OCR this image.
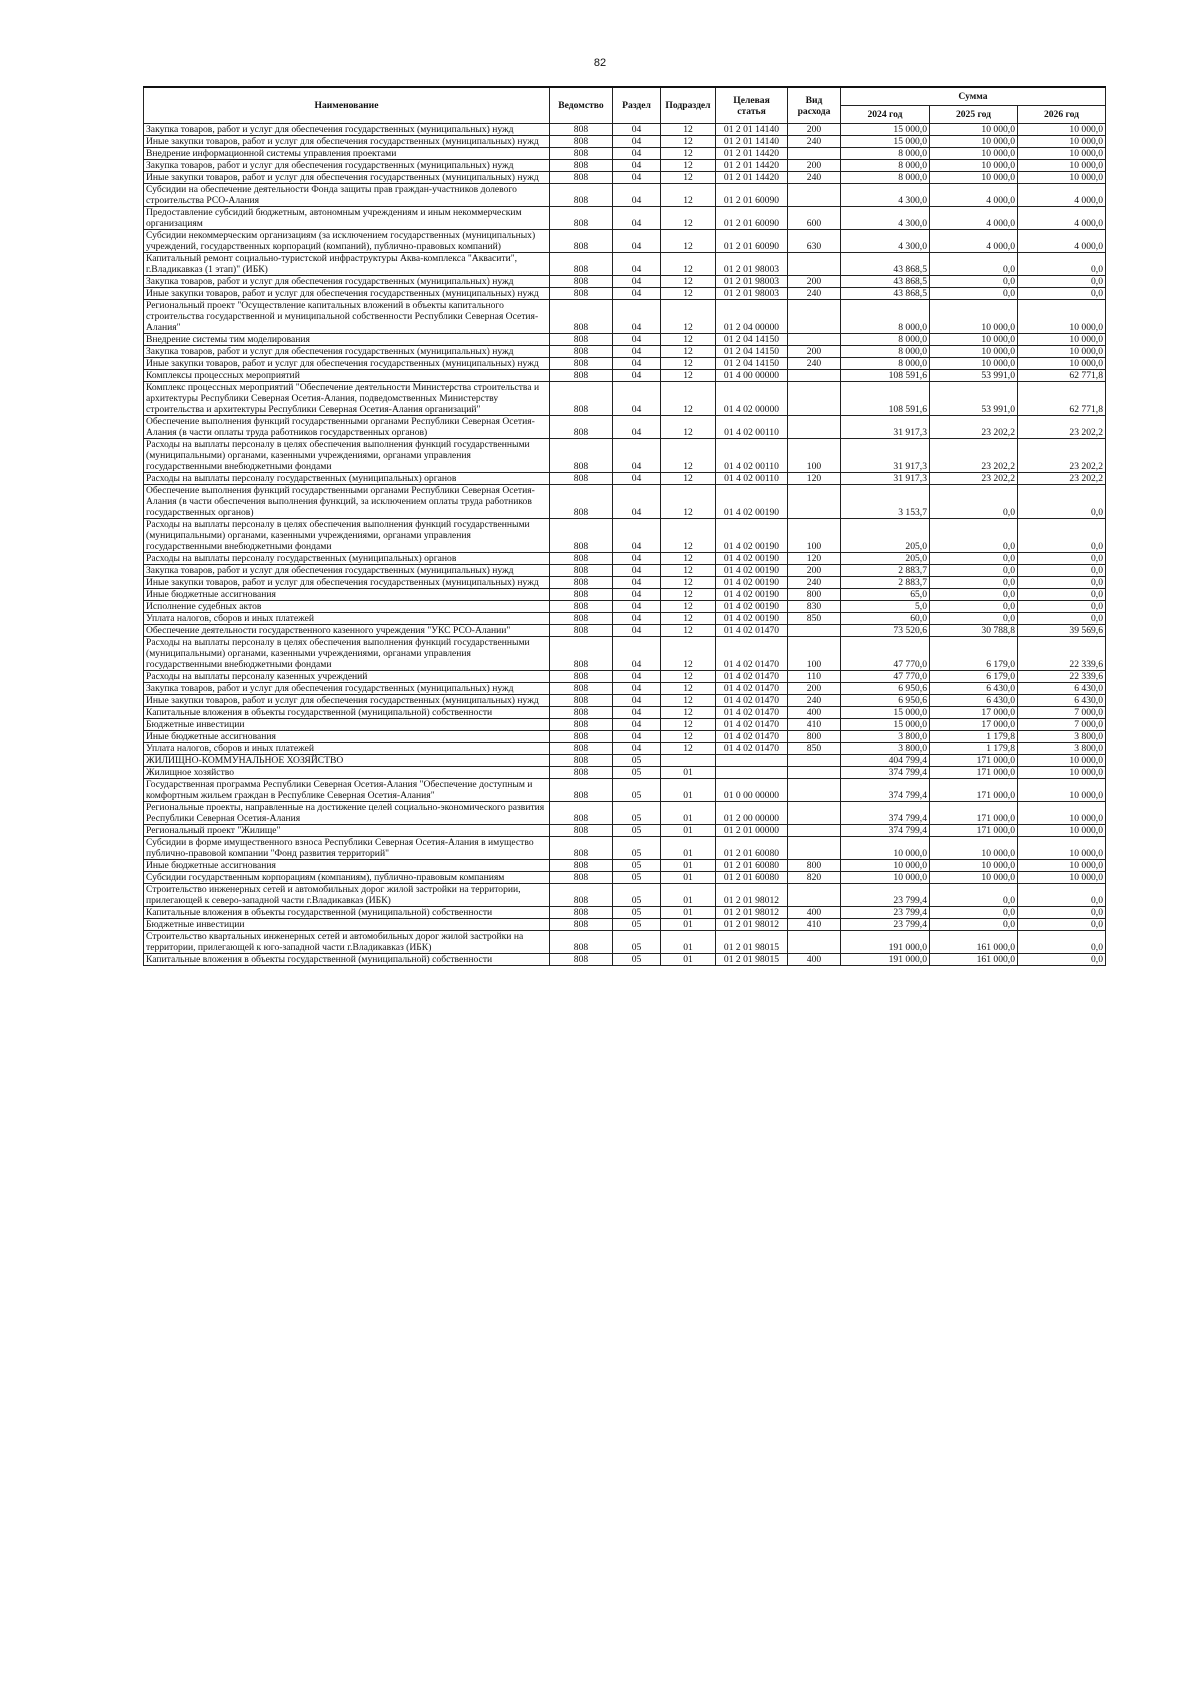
82
Наименование	Ведомство	Раздел	Подраздел	Целевая статья	Вид расхода	Сумма		
						2024 год	2025 год	2026 год
Закупка товаров, работ и услуг для обеспечения государственных (муниципальных) нужд	808	04	12	01 2 01 14140	200	15 000,0	10 000,0	10 000,0
Иные закупки товаров, работ и услуг для обеспечения государственных (муниципальных) нужд	808	04	12	01 2 01 14140	240	15 000,0	10 000,0	10 000,0
Внедрение информационной системы управления проектами	808	04	12	01 2 01 14420		8 000,0	10 000,0	10 000,0
Закупка товаров, работ и услуг для обеспечения государственных (муниципальных) нужд	808	04	12	01 2 01 14420	200	8 000,0	10 000,0	10 000,0
Иные закупки товаров, работ и услуг для обеспечения государственных (муниципальных) нужд	808	04	12	01 2 01 14420	240	8 000,0	10 000,0	10 000,0
Субсидии на обеспечение деятельности Фонда защиты прав граждан-участников долевого строительства РСО-Алания	808	04	12	01 2 01 60090		4 300,0	4 000,0	4 000,0
Предоставление субсидий бюджетным, автономным учреждениям и иным некоммерческим организациям	808	04	12	01 2 01 60090	600	4 300,0	4 000,0	4 000,0
Субсидии некоммерческим организациям (за исключением государственных (муниципальных) учреждений, государственных корпораций (компаний), публично-правовых компаний)	808	04	12	01 2 01 60090	630	4 300,0	4 000,0	4 000,0
Капитальный ремонт социально-туристской инфраструктуры Аква-комплекса "Аквасити", г.Владикавказ (1 этап)" (ИБК)	808	04	12	01 2 01 98003		43 868,5	0,0	0,0
Закупка товаров, работ и услуг для обеспечения государственных (муниципальных) нужд	808	04	12	01 2 01 98003	200	43 868,5	0,0	0,0
Иные закупки товаров, работ и услуг для обеспечения государственных (муниципальных) нужд	808	04	12	01 2 01 98003	240	43 868,5	0,0	0,0
Региональный проект "Осуществление капитальных вложений в объекты капитального строительства государственной и муниципальной собственности Республики Северная Осетия-Алания"	808	04	12	01 2 04 00000		8 000,0	10 000,0	10 000,0
Внедрение системы тим моделирования	808	04	12	01 2 04 14150		8 000,0	10 000,0	10 000,0
Закупка товаров, работ и услуг для обеспечения государственных (муниципальных) нужд	808	04	12	01 2 04 14150	200	8 000,0	10 000,0	10 000,0
Иные закупки товаров, работ и услуг для обеспечения государственных (муниципальных) нужд	808	04	12	01 2 04 14150	240	8 000,0	10 000,0	10 000,0
Комплексы процессных мероприятий	808	04	12	01 4 00 00000		108 591,6	53 991,0	62 771,8
Комплекс процессных мероприятий "Обеспечение деятельности Министерства строительства и архитектуры Республики Северная Осетия-Алания, подведомственных Министерству строительства и архитектуры Республики Северная Осетия-Алания организаций"	808	04	12	01 4 02 00000		108 591,6	53 991,0	62 771,8
Обеспечение выполнения функций государственными органами Республики Северная Осетия-Алания (в части оплаты труда работников государственных органов)	808	04	12	01 4 02 00110		31 917,3	23 202,2	23 202,2
Расходы на выплаты персоналу в целях обеспечения выполнения функций государственными (муниципальными) органами, казенными учреждениями, органами управления государственными внебюджетными фондами	808	04	12	01 4 02 00110	100	31 917,3	23 202,2	23 202,2
Расходы на выплаты персоналу государственных (муниципальных) органов	808	04	12	01 4 02 00110	120	31 917,3	23 202,2	23 202,2
Обеспечение выполнения функций государственными органами Республики Северная Осетия-Алания (в части обеспечения выполнения функций, за исключением оплаты труда работников государственных органов)	808	04	12	01 4 02 00190		3 153,7	0,0	0,0
Расходы на выплаты персоналу в целях обеспечения выполнения функций государственными (муниципальными) органами, казенными учреждениями, органами управления государственными внебюджетными фондами	808	04	12	01 4 02 00190	100	205,0	0,0	0,0
Расходы на выплаты персоналу государственных (муниципальных) органов	808	04	12	01 4 02 00190	120	205,0	0,0	0,0
Закупка товаров, работ и услуг для обеспечения государственных (муниципальных) нужд	808	04	12	01 4 02 00190	200	2 883,7	0,0	0,0
Иные закупки товаров, работ и услуг для обеспечения государственных (муниципальных) нужд	808	04	12	01 4 02 00190	240	2 883,7	0,0	0,0
Иные бюджетные ассигнования	808	04	12	01 4 02 00190	800	65,0	0,0	0,0
Исполнение судебных актов	808	04	12	01 4 02 00190	830	5,0	0,0	0,0
Уплата налогов, сборов и иных платежей	808	04	12	01 4 02 00190	850	60,0	0,0	0,0
Обеспечение деятельности государственного казенного учреждения "УКС РСО-Алании"	808	04	12	01 4 02 01470		73 520,6	30 788,8	39 569,6
Расходы на выплаты персоналу в целях обеспечения выполнения функций государственными (муниципальными) органами, казенными учреждениями, органами управления государственными внебюджетными фондами	808	04	12	01 4 02 01470	100	47 770,0	6 179,0	22 339,6
Расходы на выплаты персоналу казенных учреждений	808	04	12	01 4 02 01470	110	47 770,0	6 179,0	22 339,6
Закупка товаров, работ и услуг для обеспечения государственных (муниципальных) нужд	808	04	12	01 4 02 01470	200	6 950,6	6 430,0	6 430,0
Иные закупки товаров, работ и услуг для обеспечения государственных (муниципальных) нужд	808	04	12	01 4 02 01470	240	6 950,6	6 430,0	6 430,0
Капитальные вложения в объекты государственной (муниципальной) собственности	808	04	12	01 4 02 01470	400	15 000,0	17 000,0	7 000,0
Бюджетные инвестиции	808	04	12	01 4 02 01470	410	15 000,0	17 000,0	7 000,0
Иные бюджетные ассигнования	808	04	12	01 4 02 01470	800	3 800,0	1 179,8	3 800,0
Уплата налогов, сборов и иных платежей	808	04	12	01 4 02 01470	850	3 800,0	1 179,8	3 800,0
ЖИЛИЩНО-КОММУНАЛЬНОЕ ХОЗЯЙСТВО	808	05				404 799,4	171 000,0	10 000,0
Жилищное хозяйство	808	05	01			374 799,4	171 000,0	10 000,0
Государственная программа Республики Северная Осетия-Алания "Обеспечение доступным и комфортным жильем граждан в Республике Северная Осетия-Алания"	808	05	01	01 0 00 00000		374 799,4	171 000,0	10 000,0
Региональные проекты, направленные на достижение целей социально-экономического развития Республики Северная Осетия-Алания	808	05	01	01 2 00 00000		374 799,4	171 000,0	10 000,0
Региональный проект "Жилище"	808	05	01	01 2 01 00000		374 799,4	171 000,0	10 000,0
Субсидии в форме имущественного взноса Республики Северная Осетия-Алания в имущество публично-правовой компании "Фонд развития территорий"	808	05	01	01 2 01 60080		10 000,0	10 000,0	10 000,0
Иные бюджетные ассигнования	808	05	01	01 2 01 60080	800	10 000,0	10 000,0	10 000,0
Субсидии государственным корпорациям (компаниям), публично-правовым компаниям	808	05	01	01 2 01 60080	820	10 000,0	10 000,0	10 000,0
Строительство инженерных сетей и автомобильных дорог жилой застройки на территории, прилегающей к северо-западной части г.Владикавказ (ИБК)	808	05	01	01 2 01 98012		23 799,4	0,0	0,0
Капитальные вложения в объекты государственной (муниципальной) собственности	808	05	01	01 2 01 98012	400	23 799,4	0,0	0,0
Бюджетные инвестиции	808	05	01	01 2 01 98012	410	23 799,4	0,0	0,0
Строительство квартальных инженерных сетей и автомобильных дорог жилой застройки на территории, прилегающей к юго-западной части г.Владикавказ (ИБК)	808	05	01	01 2 01 98015		191 000,0	161 000,0	0,0
Капитальные вложения в объекты государственной (муниципальной) собственности	808	05	01	01 2 01 98015	400	191 000,0	161 000,0	0,0
